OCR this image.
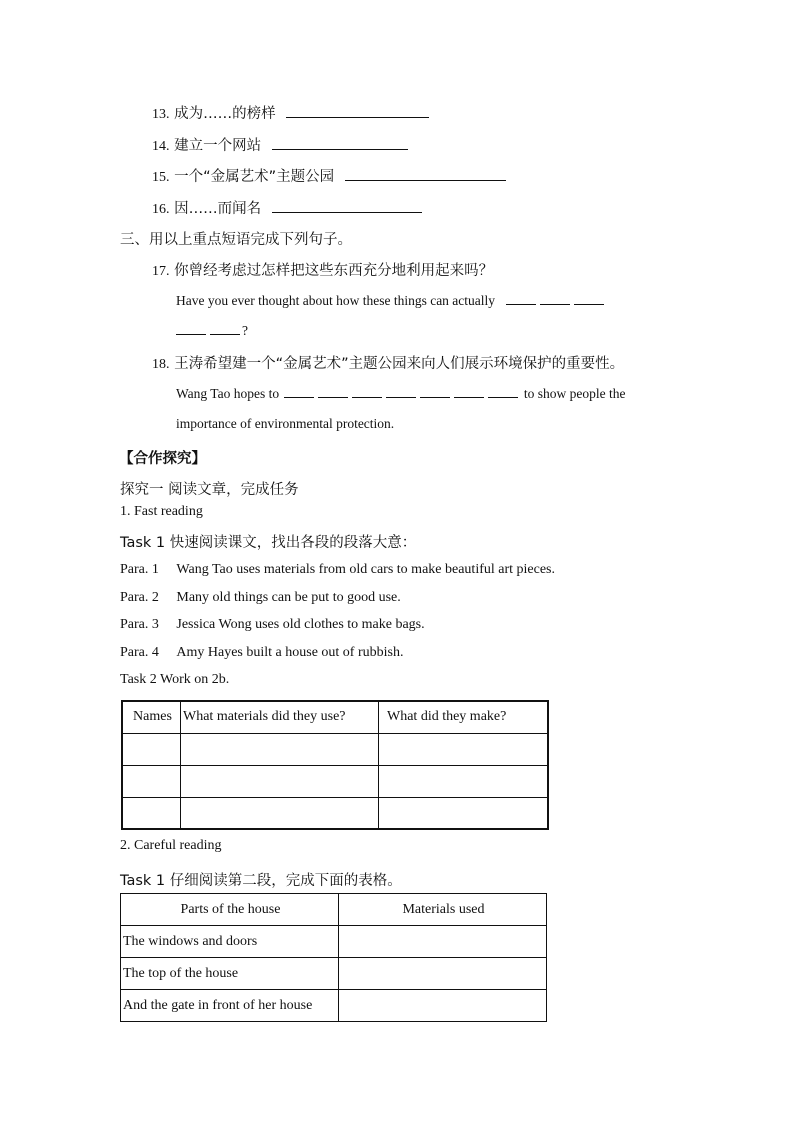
13. 成为……的榜样
14. 建立一个网站
15. 一个“金属艺术”主题公园
16. 因……而闻名
三、用以上重点短语完成下列句子。
17. 你曾经考虑过怎样把这些东西充分地利用起来吗？
Have you ever thought about how these things can actually
?
18. 王涛希望建一个“金属艺术”主题公园来向人们展示环境保护的重要性。
Wang Tao hopes to	to show people the
importance of environmental protection.
【合作探究】
探究一 阅读文章，完成任务
1. Fast reading
Task 1 快速阅读课文，找出各段的段落大意：
Para. 1 Wang Tao uses materials from old cars to make beautiful art pieces.
Para. 2 Many old things can be put to good use.
Para. 3 Jessica Wong uses old clothes to make bags.
Para. 4 Amy Hayes built a house out of rubbish.
Task 2 Work on 2b.
Names	What materials did they use?	What did they make?

2. Careful reading
Task 1 仔细阅读第二段，完成下面的表格。
Parts of the house	Materials used
The windows and doors	
The top of the house	
And the gate in front of her house	
